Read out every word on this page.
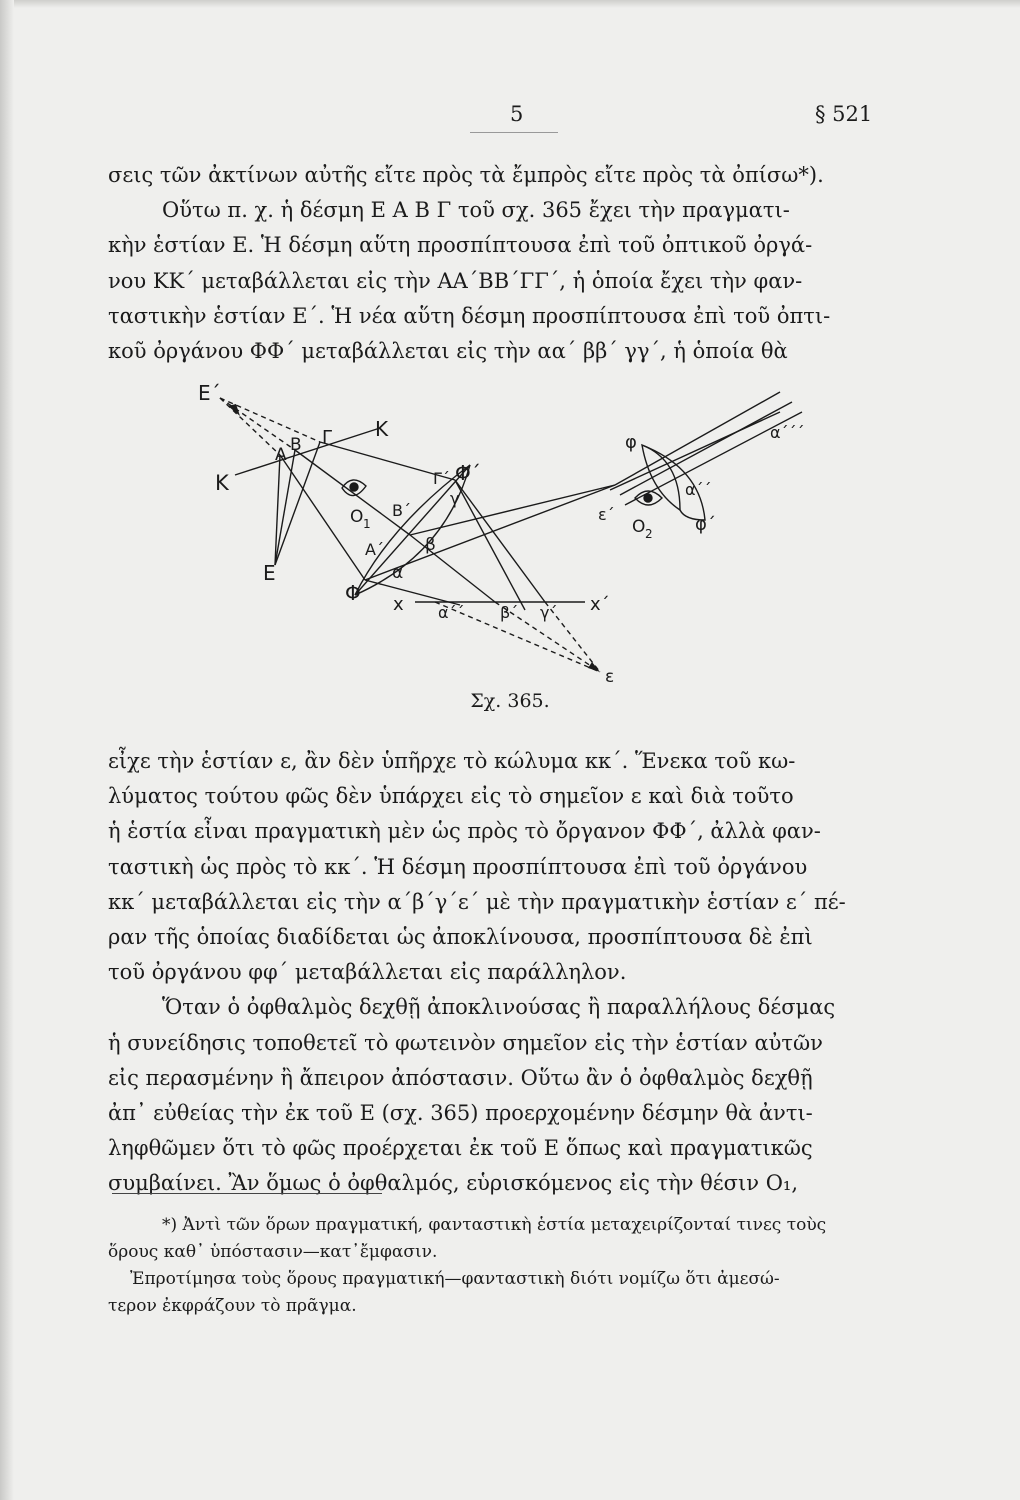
5	§ 521

σεις τῶν ἀκτίνων αὐτῆς εἴτε πρὸς τὰ ἔμπρὸς εἴτε πρὸς τὰ ὀπίσω*).

Οὕτω π. χ. ἡ δέσμη Ε Α Β Γ τοῦ σχ. 365 ἔχει τὴν πραγματι-

κὴν ἑστίαν Ε. Ἡ δέσμη αὕτη προσπίπτουσα ἐπὶ τοῦ ὀπτικοῦ ὀργά-

νου ΚΚ΄ μεταβάλλεται εἰς τὴν ΑΑ΄ΒΒ΄ΓΓ΄, ἡ ὁποία ἔχει τὴν φαν-

ταστικὴν ἑστίαν Ε΄. Ἡ νέα αὕτη δέσμη προσπίπτουσα ἐπὶ τοῦ ὀπτι-

κοῦ ὀργάνου ΦΦ΄ μεταβάλλεται εἰς τὴν αα΄ ββ΄ γγ΄, ἡ ὁποία θὰ

E΄
K
K
A B Γ
E
Φ
Φ΄
A΄
B΄
Γ΄
O 1
α
β
γ
x	x΄
α΄΄ β΄ γ΄
ε΄
ε
φ
φ΄
O 2
α΄΄
α΄΄΄
Σχ. 365.

εἶχε τὴν ἑστίαν ε, ἂν δὲν ὑπῆρχε τὸ κώλυμα κκ΄. Ἕνεκα τοῦ κω-

λύματος τούτου φῶς δὲν ὑπάρχει εἰς τὸ σημεῖον ε καὶ διὰ τοῦτο

ἡ ἑστία εἶναι πραγματικὴ μὲν ὡς πρὸς τὸ ὄργανον ΦΦ΄, ἀλλὰ φαν-

ταστικὴ ὡς πρὸς τὸ κκ΄. Ἡ δέσμη προσπίπτουσα ἐπὶ τοῦ ὀργάνου

κκ΄ μεταβάλλεται εἰς τὴν α΄β΄γ΄ε΄ μὲ τὴν πραγματικὴν ἑστίαν ε΄ πέ-

ραν τῆς ὁποίας διαδίδεται ὡς ἀποκλίνουσα, προσπίπτουσα δὲ ἐπὶ

τοῦ ὀργάνου φφ΄ μεταβάλλεται εἰς παράλληλον.

Ὅταν ὁ ὀφθαλμὸς δεχθῇ ἀποκλινούσας ἢ παραλλήλους δέσμας

ἡ συνείδησις τοποθετεῖ τὸ φωτεινὸν σημεῖον εἰς τὴν ἑστίαν αὐτῶν

εἰς περασμένην ἢ ἄπειρον ἀπόστασιν. Οὕτω ἂν ὁ ὀφθαλμὸς δεχθῇ

ἀπ᾽ εὐθείας τὴν ἐκ τοῦ Ε (σχ. 365) προερχομένην δέσμην θὰ ἀντι-

ληφθῶμεν ὅτι τὸ φῶς προέρχεται ἐκ τοῦ Ε ὅπως καὶ πραγματικῶς

συμβαίνει. Ἂν ὅμως ὁ ὀφθαλμός, εὑρισκόμενος εἰς τὴν θέσιν Ο₁,

*) Ἀντὶ τῶν ὅρων πραγματική, φανταστικὴ ἑστία μεταχειρίζονταί τινες τοὺς

ὅρους καθ᾽ ὑπόστασιν—κατ᾽ἔμφασιν.

Ἐπροτίμησα τοὺς ὅρους πραγματική—φανταστικὴ διότι νομίζω ὅτι ἀμεσώ-

τερον ἐκφράζουν τὸ πρᾶγμα.
